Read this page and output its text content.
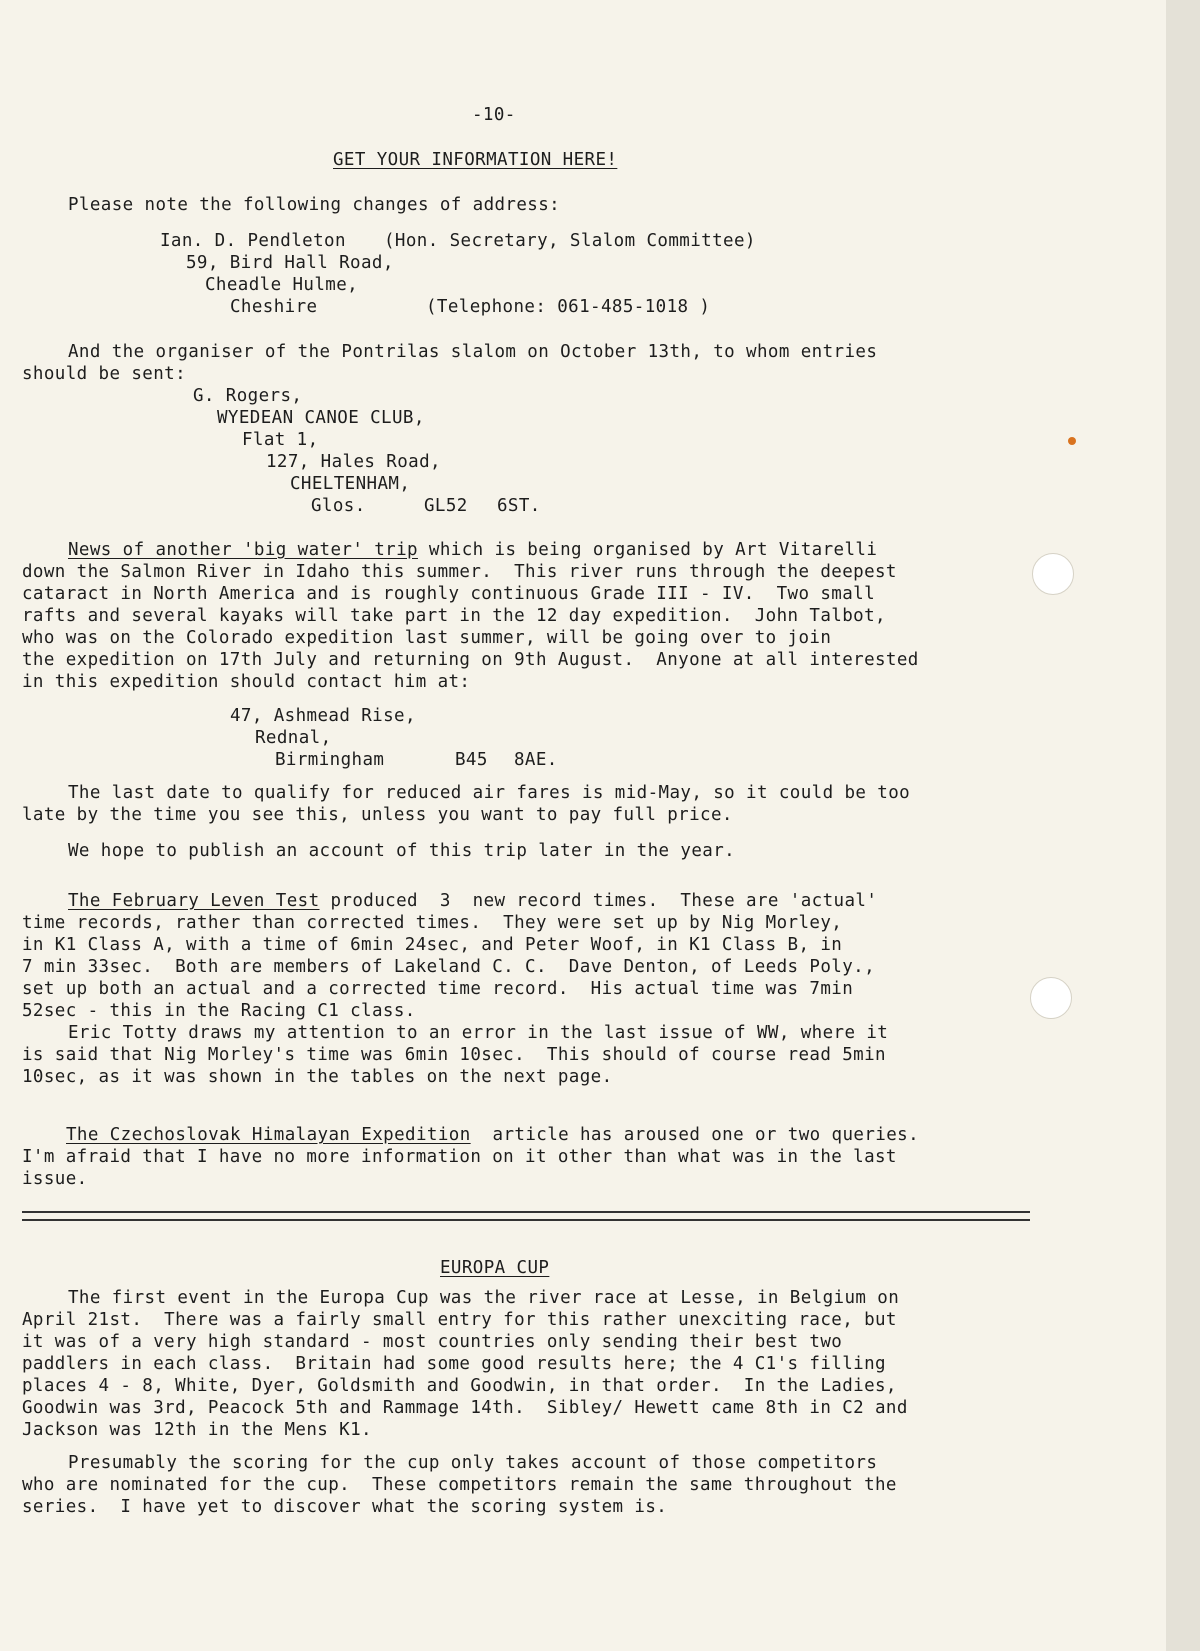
-10-
GET YOUR INFORMATION HERE!
Please note the following changes of address:
Ian. D. Pendleton (Hon. Secretary, Slalom Committee)
59, Bird Hall Road,
Cheadle Hulme,
Cheshire	(Telephone: 061-485-1018 )
And the organiser of the Pontrilas slalom on October 13th, to whom entries
should be sent:
G. Rogers,
WYEDEAN CANOE CLUB,
Flat 1,
127, Hales Road,
CHELTENHAM,
Glos.	GL52 6ST.
News of another 'big water' trip which is being organised by Art Vitarelli
down the Salmon River in Idaho this summer.  This river runs through the deepest
cataract in North America and is roughly continuous Grade III - IV.  Two small
rafts and several kayaks will take part in the 12 day expedition.  John Talbot,
who was on the Colorado expedition last summer, will be going over to join
the expedition on 17th July and returning on 9th August.  Anyone at all interested
in this expedition should contact him at:
47, Ashmead Rise,
Rednal,
Birmingham	B45 8AE.
The last date to qualify for reduced air fares is mid-May, so it could be too
late by the time you see this, unless you want to pay full price.
We hope to publish an account of this trip later in the year.
The February Leven Test produced  3  new record times.  These are 'actual'
time records, rather than corrected times.  They were set up by Nig Morley,
in K1 Class A, with a time of 6min 24sec, and Peter Woof, in K1 Class B, in
7 min 33sec.  Both are members of Lakeland C. C.  Dave Denton, of Leeds Poly.,
set up both an actual and a corrected time record.  His actual time was 7min
52sec - this in the Racing C1 class.
Eric Totty draws my attention to an error in the last issue of WW, where it
is said that Nig Morley's time was 6min 10sec.  This should of course read 5min
10sec, as it was shown in the tables on the next page.
The Czechoslovak Himalayan Expedition  article has aroused one or two queries.
I'm afraid that I have no more information on it other than what was in the last
issue.
EUROPA CUP
The first event in the Europa Cup was the river race at Lesse, in Belgium on
April 21st.  There was a fairly small entry for this rather unexciting race, but
it was of a very high standard - most countries only sending their best two
paddlers in each class.  Britain had some good results here; the 4 C1's filling
places 4 - 8, White, Dyer, Goldsmith and Goodwin, in that order.  In the Ladies,
Goodwin was 3rd, Peacock 5th and Rammage 14th.  Sibley/ Hewett came 8th in C2 and
Jackson was 12th in the Mens K1.
Presumably the scoring for the cup only takes account of those competitors
who are nominated for the cup.  These competitors remain the same throughout the
series.  I have yet to discover what the scoring system is.
